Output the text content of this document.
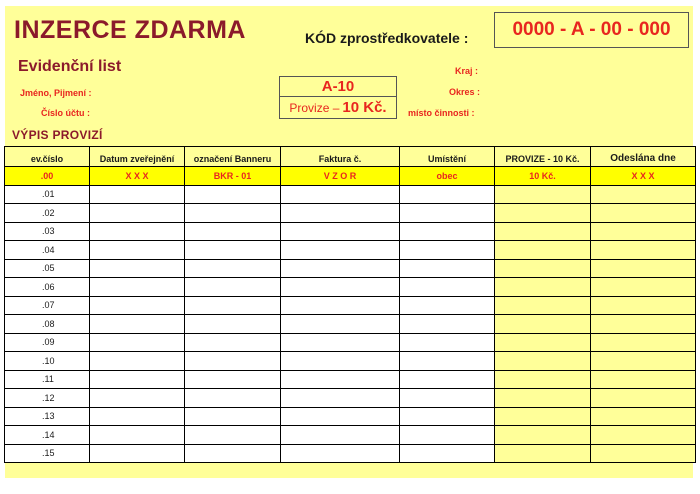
INZERCE ZDARMA	KÓD zprostředkovatele : 0000 - A - 00 - 000
Evidenční list
Jméno, Pijmení :
Číslo účtu :
Kraj :
Okres :
místo činnosti :
A-10
Provize – 10 Kč.
VÝPIS PROVIZÍ
ev.číslo	Datum zveřejnění	označení Banneru	Faktura č.	Umístění	PROVIZE - 10 Kč.	Odeslána dne
.00	X X X	BKR - 01	V Z O R	obec	10 Kč.	X X X
.01						
.02						
.03						
.04						
.05						
.06						
.07						
.08						
.09						
.10						
.11						
.12						
.13						
.14						
.15						
